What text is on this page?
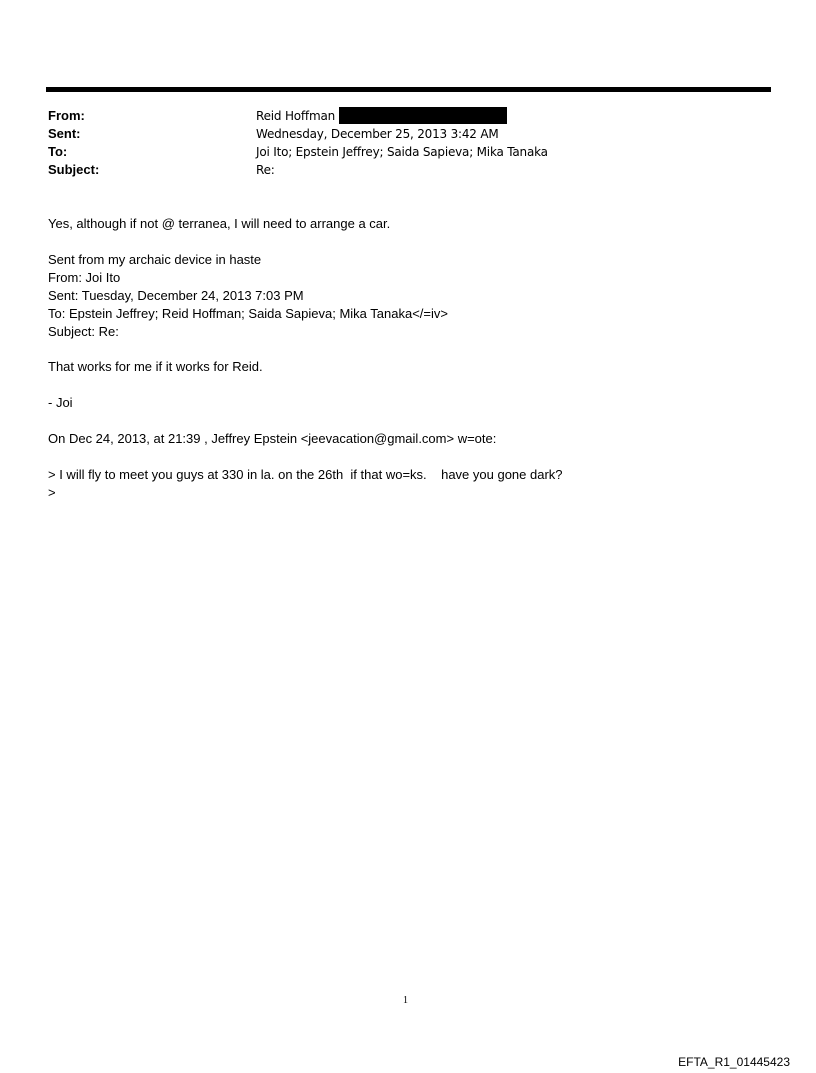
From:	Reid Hoffman
Sent:	Wednesday, December 25, 2013 3:42 AM
To:	Joi Ito; Epstein Jeffrey; Saida Sapieva; Mika Tanaka
Subject:	Re:
Yes, although if not @ terranea, I will need to arrange a car.
Sent from my archaic device in haste
From: Joi Ito
Sent: Tuesday, December 24, 2013 7:03 PM
To: Epstein Jeffrey; Reid Hoffman; Saida Sapieva; Mika Tanaka</=iv>
Subject: Re:
That works for me if it works for Reid.
- Joi
On Dec 24, 2013, at 21:39 , Jeffrey Epstein <jeevacation@gmail.com> w=ote:
> I will fly to meet you guys at 330 in la. on the 26th  if that wo=ks.    have you gone dark?
>
1
EFTA_R1_01445423
